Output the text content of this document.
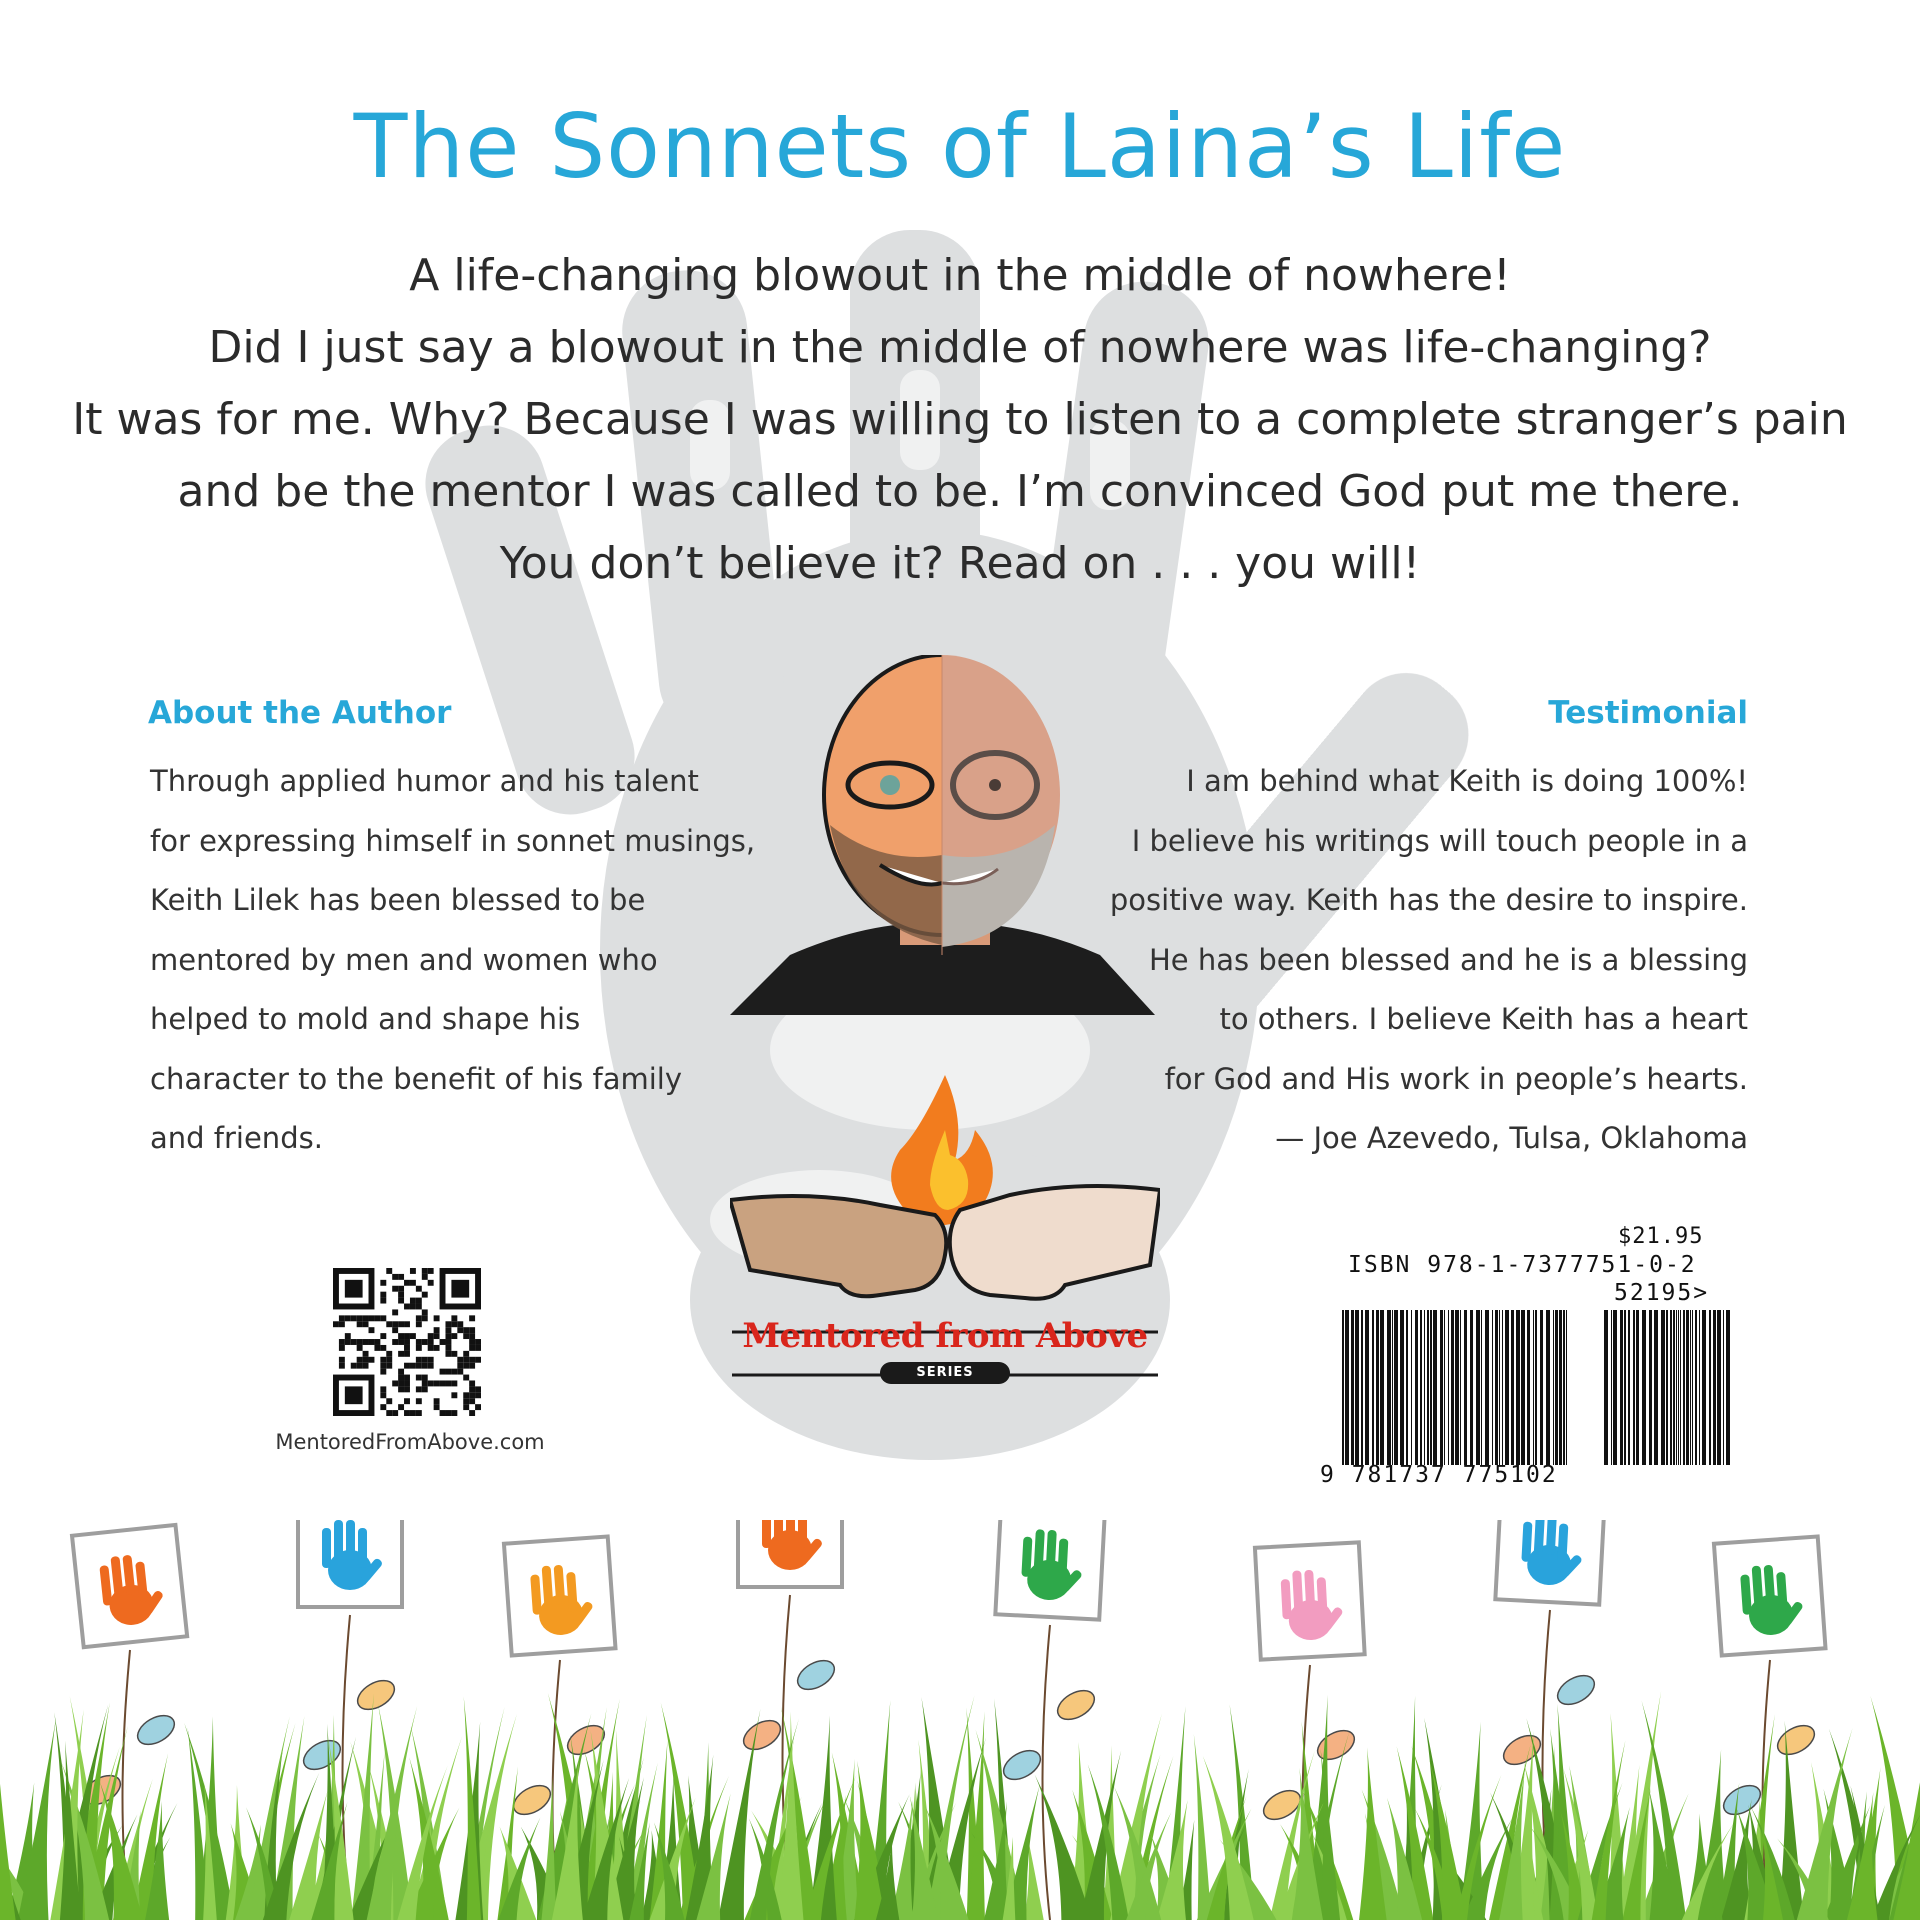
The Sonnets of Laina’s Life
A life-changing blowout in the middle of nowhere!
Did I just say a blowout in the middle of nowhere was life-changing?
It was for me. Why? Because I was willing to listen to a complete stranger’s pain
and be the mentor I was called to be. I’m convinced God put me there.
You don’t believe it? Read on . . . you will!
About the Author
Through applied humor and his talent
for expressing himself in sonnet musings,
Keith Lilek has been blessed to be
mentored by men and women who
helped to mold and shape his
character to the benefit of his family
and friends.
Testimonial
I am behind what Keith is doing 100%!
I believe his writings will touch people in a
positive way. Keith has the desire to inspire.
He has been blessed and he is a blessing
to others. I believe Keith has a heart
for God and His work in people’s hearts.
— Joe Azevedo, Tulsa, Oklahoma
Mentored from Above
SERIES
MentoredFromAbove.com
$21.95
ISBN 978-1-7377751-0-2
52195>
9 781737 775102
